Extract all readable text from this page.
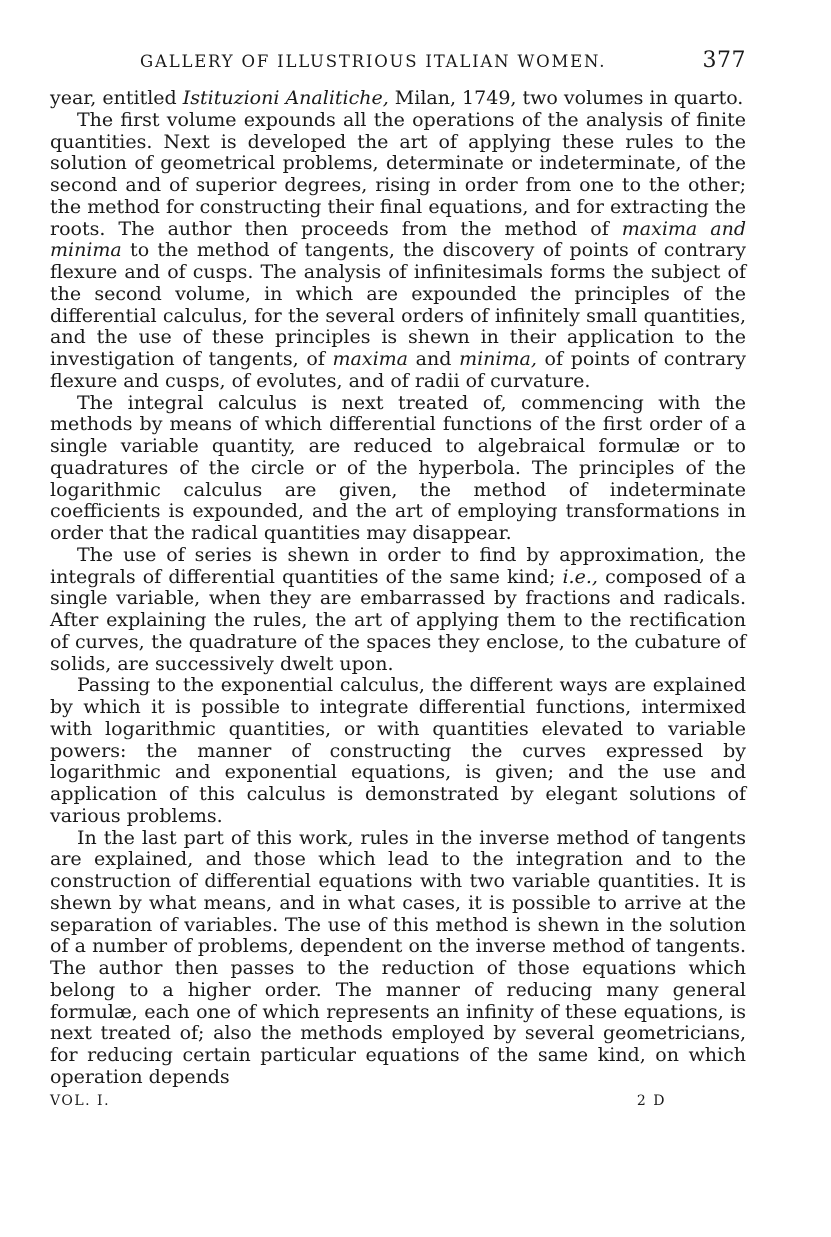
GALLERY OF ILLUSTRIOUS ITALIAN WOMEN.	377

year, entitled Istituzioni Analitiche, Milan, 1749, two volumes in quarto.

The first volume expounds all the operations of the analysis of finite quantities. Next is developed the art of applying these rules to the solution of geometrical problems, determinate or indeterminate, of the second and of superior degrees, rising in order from one to the other; the method for constructing their final equations, and for extracting the roots. The author then proceeds from the method of maxima and minima to the method of tangents, the discovery of points of contrary flexure and of cusps. The analysis of infinitesimals forms the subject of the second volume, in which are expounded the principles of the differential calculus, for the several orders of infinitely small quantities, and the use of these principles is shewn in their application to the investigation of tangents, of maxima and minima, of points of contrary flexure and cusps, of evolutes, and of radii of curvature.

The integral calculus is next treated of, commencing with the methods by means of which differential functions of the first order of a single variable quantity, are reduced to algebraical formulæ or to quadratures of the circle or of the hyperbola. The principles of the logarithmic calculus are given, the method of indeterminate coefficients is expounded, and the art of employing transformations in order that the radical quantities may disappear.

The use of series is shewn in order to find by approximation, the integrals of differential quantities of the same kind; i.e., composed of a single variable, when they are embarrassed by fractions and radicals. After explaining the rules, the art of applying them to the rectification of curves, the quadrature of the spaces they enclose, to the cubature of solids, are successively dwelt upon.

Passing to the exponential calculus, the different ways are explained by which it is possible to integrate differential functions, intermixed with logarithmic quantities, or with quantities elevated to variable powers: the manner of constructing the curves expressed by logarithmic and exponential equations, is given; and the use and application of this calculus is demonstrated by elegant solutions of various problems.

In the last part of this work, rules in the inverse method of tangents are explained, and those which lead to the integration and to the construction of differential equations with two variable quantities. It is shewn by what means, and in what cases, it is possible to arrive at the separation of variables. The use of this method is shewn in the solution of a number of problems, dependent on the inverse method of tangents. The author then passes to the reduction of those equations which belong to a higher order. The manner of reducing many general formulæ, each one of which represents an infinity of these equations, is next treated of; also the methods employed by several geometricians, for reducing certain particular equations of the same kind, on which operation depends

VOL. I.	2 D
